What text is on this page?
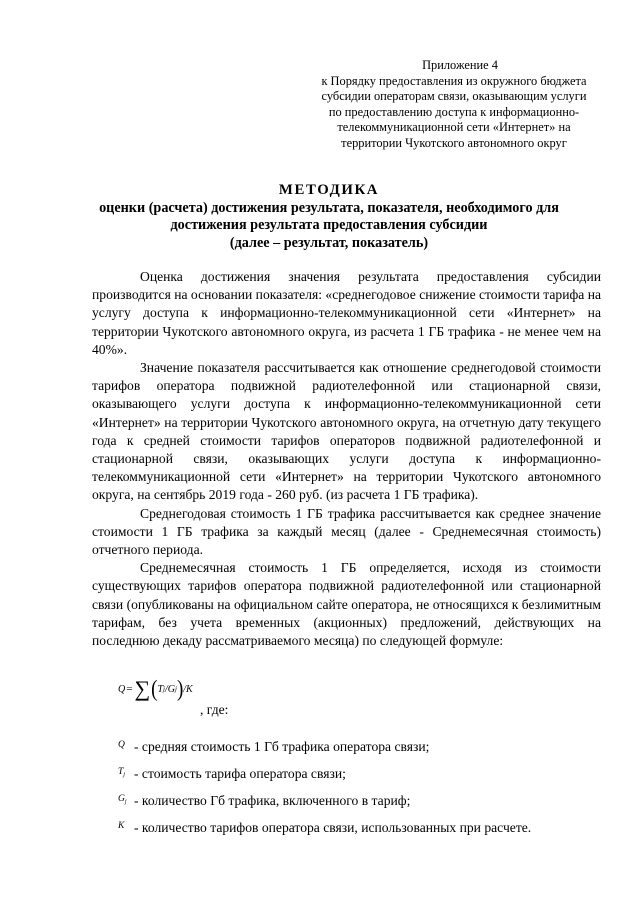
Приложение 4
к Порядку предоставления из окружного бюджета
субсидии операторам связи, оказывающим услуги
по предоставлению доступа к информационно-
телекоммуникационной сети «Интернет» на
территории Чукотского автономного округ
МЕТОДИКА
оценки (расчета) достижения результата, показателя, необходимого для
достижения результата предоставления субсидии
(далее – результат, показатель)

Оценка достижения значения результата предоставления субсидии производится на основании показателя: «среднегодовое снижение стоимости тарифа на услугу доступа к информационно-телекоммуникационной сети «Интернет» на территории Чукотского автономного округа, из расчета 1 ГБ трафика - не менее чем на 40%».

Значение показателя рассчитывается как отношение среднегодовой стоимости тарифов оператора подвижной радиотелефонной или стационарной связи, оказывающего услуги доступа к информационно-телекоммуникационной сети «Интернет» на территории Чукотского автономного округа, на отчетную дату текущего года к средней стоимости тарифов операторов подвижной радиотелефонной и стационарной связи, оказывающих услуги доступа к информационно-телекоммуникационной сети «Интернет» на территории Чукотского автономного округа, на сентябрь 2019 года - 260 руб. (из расчета 1 ГБ трафика).

Среднегодовая стоимость 1 ГБ трафика рассчитывается как среднее значение стоимости 1 ГБ трафика за каждый месяц (далее - Среднемесячная стоимость) отчетного периода.

Среднемесячная стоимость 1 ГБ определяется, исходя из стоимости существующих тарифов оператора подвижной радиотелефонной или стационарной связи (опубликованы на официальном сайте оператора, не относящихся к безлимитным тарифам, без учета временных (акционных) предложений, действующих на последнюю декаду рассматриваемого месяца) по следующей формуле:

Q = ∑ ( T j / G j ) /K
, где:
Q - средняя стоимость 1 Гб трафика оператора связи;
$T_j$ - стоимость тарифа оператора связи;
$G_j$ - количество Гб трафика, включенного в тариф;
K - количество тарифов оператора связи, использованных при расчете.
